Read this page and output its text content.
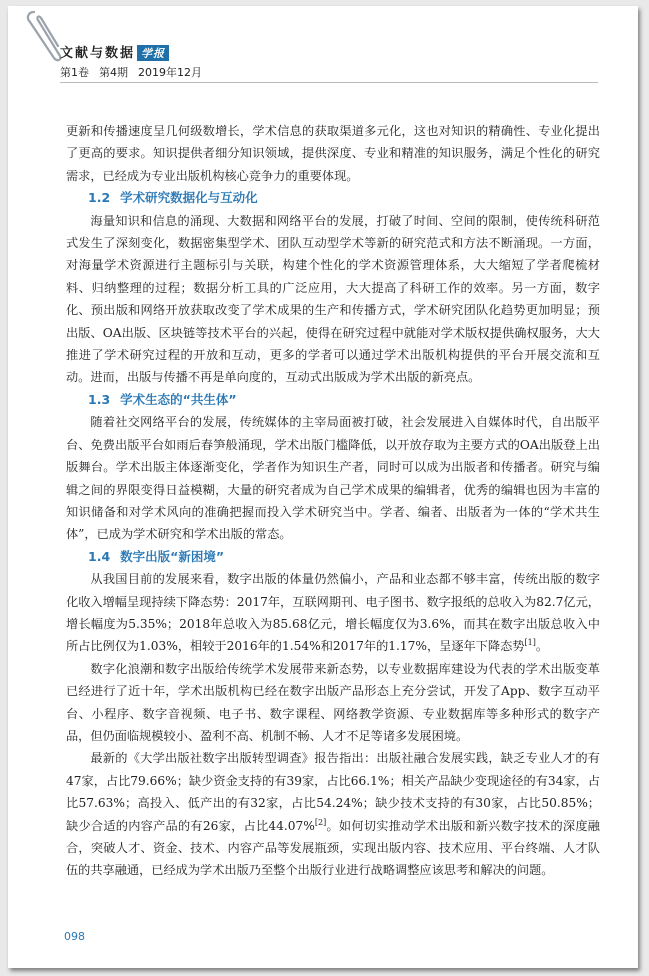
文献与数据 学报
第1卷 第4期 2019年12月

更新和传播速度呈几何级数增长，学术信息的获取渠道多元化，这也对知识的精确性、专业化提出了更高的要求。知识提供者细分知识领域，提供深度、专业和精准的知识服务，满足个性化的研究需求，已经成为专业出版机构核心竞争力的重要体现。

1.2 学术研究数据化与互动化

海量知识和信息的涌现、大数据和网络平台的发展，打破了时间、空间的限制，使传统科研范式发生了深刻变化，数据密集型学术、团队互动型学术等新的研究范式和方法不断涌现。一方面，对海量学术资源进行主题标引与关联，构建个性化的学术资源管理体系，大大缩短了学者爬梳材料、归纳整理的过程；数据分析工具的广泛应用，大大提高了科研工作的效率。另一方面，数字化、预出版和网络开放获取改变了学术成果的生产和传播方式，学术研究团队化趋势更加明显；预出版、OA出版、区块链等技术平台的兴起，使得在研究过程中就能对学术版权提供确权服务，大大推进了学术研究过程的开放和互动，更多的学者可以通过学术出版机构提供的平台开展交流和互动。进而，出版与传播不再是单向度的，互动式出版成为学术出版的新亮点。

1.3 学术生态的“共生体”

随着社交网络平台的发展，传统媒体的主宰局面被打破，社会发展进入自媒体时代，自出版平台、免费出版平台如雨后春笋般涌现，学术出版门槛降低，以开放存取为主要方式的OA出版登上出版舞台。学术出版主体逐渐变化，学者作为知识生产者，同时可以成为出版者和传播者。研究与编辑之间的界限变得日益模糊，大量的研究者成为自己学术成果的编辑者，优秀的编辑也因为丰富的知识储备和对学术风向的准确把握而投入学术研究当中。学者、编者、出版者为一体的“学术共生体”，已成为学术研究和学术出版的常态。

1.4 数字出版“新困境”

从我国目前的发展来看，数字出版的体量仍然偏小，产品和业态都不够丰富，传统出版的数字化收入增幅呈现持续下降态势：2017年，互联网期刊、电子图书、数字报纸的总收入为82.7亿元，增长幅度为5.35%；2018年总收入为85.68亿元，增长幅度仅为3.6%，而其在数字出版总收入中所占比例仅为1.03%，相较于2016年的1.54%和2017年的1.17%，呈逐年下降态势[1]。

数字化浪潮和数字出版给传统学术发展带来新态势，以专业数据库建设为代表的学术出版变革已经进行了近十年，学术出版机构已经在数字出版产品形态上充分尝试，开发了App、数字互动平台、小程序、数字音视频、电子书、数字课程、网络教学资源、专业数据库等多种形式的数字产品，但仍面临规模较小、盈利不高、机制不畅、人才不足等诸多发展困境。

最新的《大学出版社数字出版转型调查》报告指出：出版社融合发展实践，缺乏专业人才的有47家，占比79.66%；缺少资金支持的有39家，占比66.1%；相关产品缺少变现途径的有34家，占比57.63%；高投入、低产出的有32家，占比54.24%；缺少技术支持的有30家，占比50.85%；缺少合适的内容产品的有26家，占比44.07%[2]。如何切实推动学术出版和新兴数字技术的深度融合，突破人才、资金、技术、内容产品等发展瓶颈，实现出版内容、技术应用、平台终端、人才队伍的共享融通，已经成为学术出版乃至整个出版行业进行战略调整应该思考和解决的问题。

098
